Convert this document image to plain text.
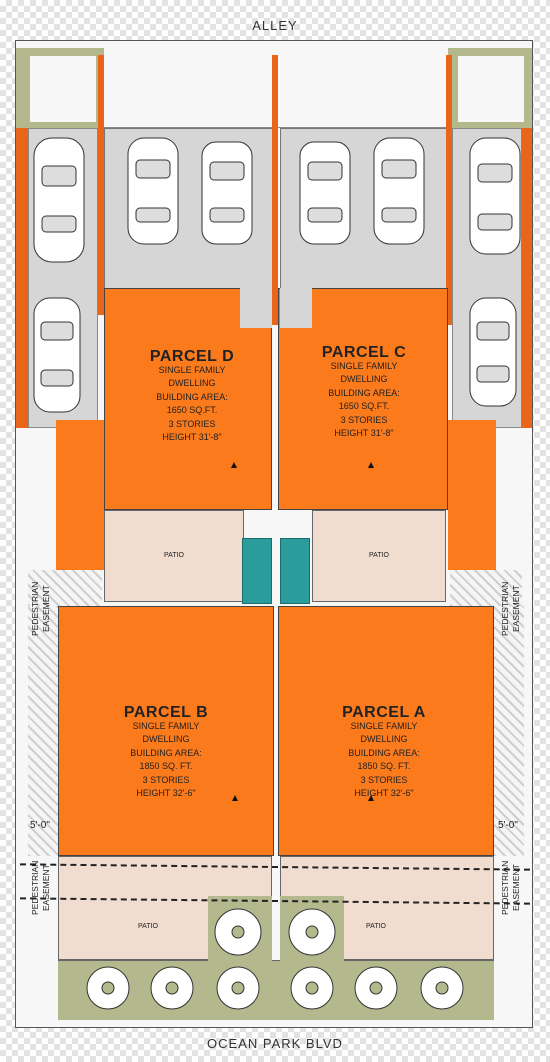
ALLEY
OCEAN PARK BLVD
PATIO	PATIO
PATIO	PATIO
PARCEL D
SINGLE FAMILY
DWELLING
BUILDING AREA:
1650 SQ.FT.
3 STORIES
HEIGHT 31'-8"
PARCEL C
SINGLE FAMILY
DWELLING
BUILDING AREA:
1650 SQ.FT.
3 STORIES
HEIGHT 31'-8"
PARCEL B
SINGLE FAMILY
DWELLING
BUILDING AREA:
1850 SQ. FT.
3 STORIES
HEIGHT 32'-6"
PARCEL A
SINGLE FAMILY
DWELLING
BUILDING AREA:
1850 SQ. FT.
3 STORIES
HEIGHT 32'-6"
PEDESTRIAN EASEMENT	PEDESTRIAN EASEMENT
PEDESTRIAN EASEMENT	PEDESTRIAN EASEMENT
5'-0"	5'-0"
